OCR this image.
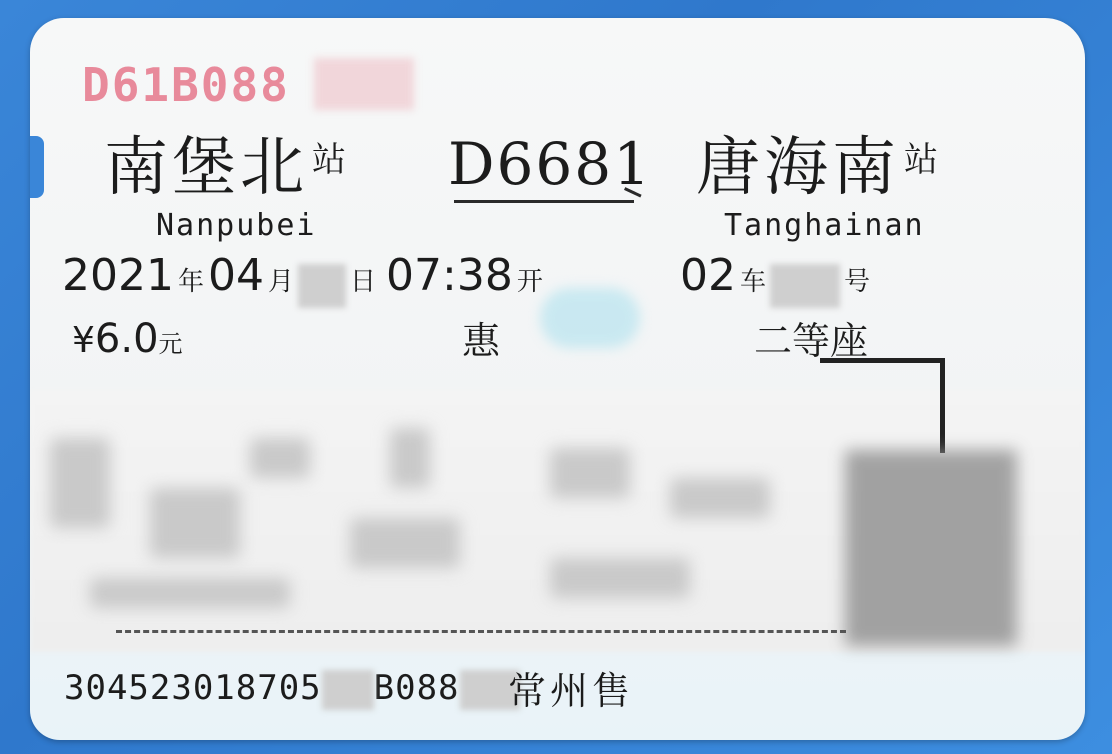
D61B088
南堡北 $^站$
Nanpubei
D6681 唐海南 $^站$
Tanghainan
2021 年04 月 日 07:38 开	02 车	号
¥6.0元	惠	二等座
304523018705 B088	常州售
